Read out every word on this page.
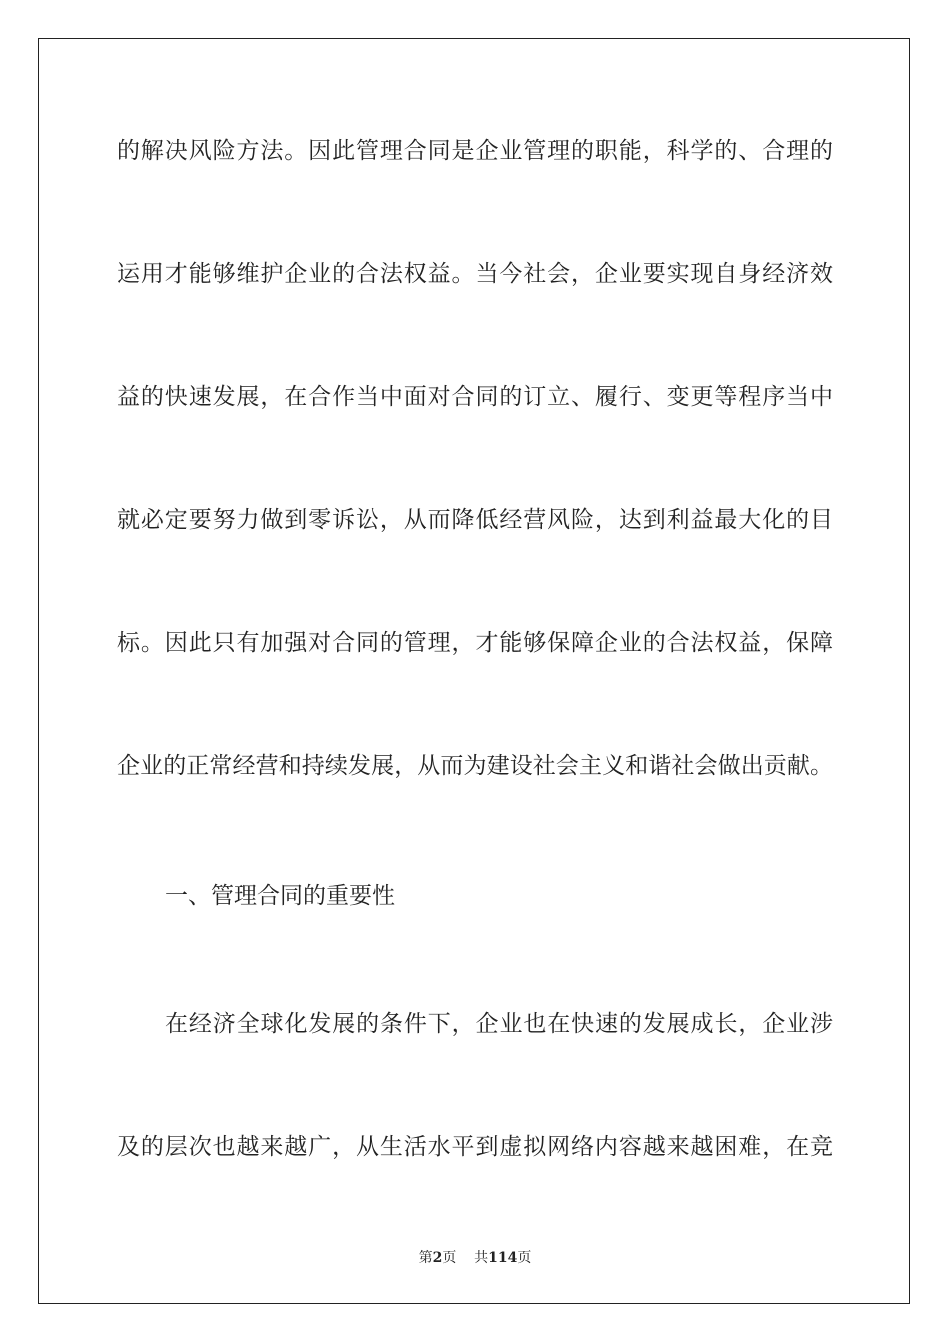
的解决风险方法。因此管理合同是企业管理的职能，科学的、合理的
运用才能够维护企业的合法权益。当今社会，企业要实现自身经济效
益的快速发展，在合作当中面对合同的订立、履行、变更等程序当中
就必定要努力做到零诉讼，从而降低经营风险，达到利益最大化的目
标。因此只有加强对合同的管理，才能够保障企业的合法权益，保障
企业的正常经营和持续发展，从而为建设社会主义和谐社会做出贡献。
一、管理合同的重要性
在经济全球化发展的条件下，企业也在快速的发展成长，企业涉
及的层次也越来越广，从生活水平到虚拟网络内容越来越困难，在竞
第2页 共114页
